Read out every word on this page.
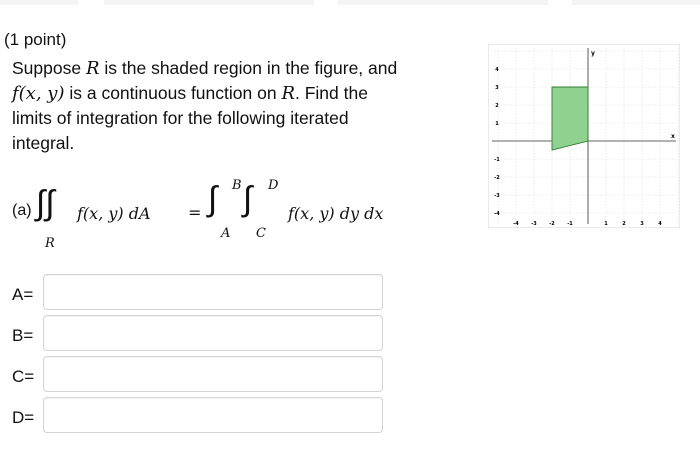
(1 point)
Suppose R is the shaded region in the figure, and
f(x, y) is a continuous function on R. Find the
limits of integration for the following iterated
integral.
(a) ∫∫
R
f(x, y) dA = ∫ B
A
∫ D
C
f(x, y) dy dx
A=
B=
C=
D=
-4 -3 -2 -1	1	2	3	4
4
3
2
1
-1
-2
-3
-4
x
y
